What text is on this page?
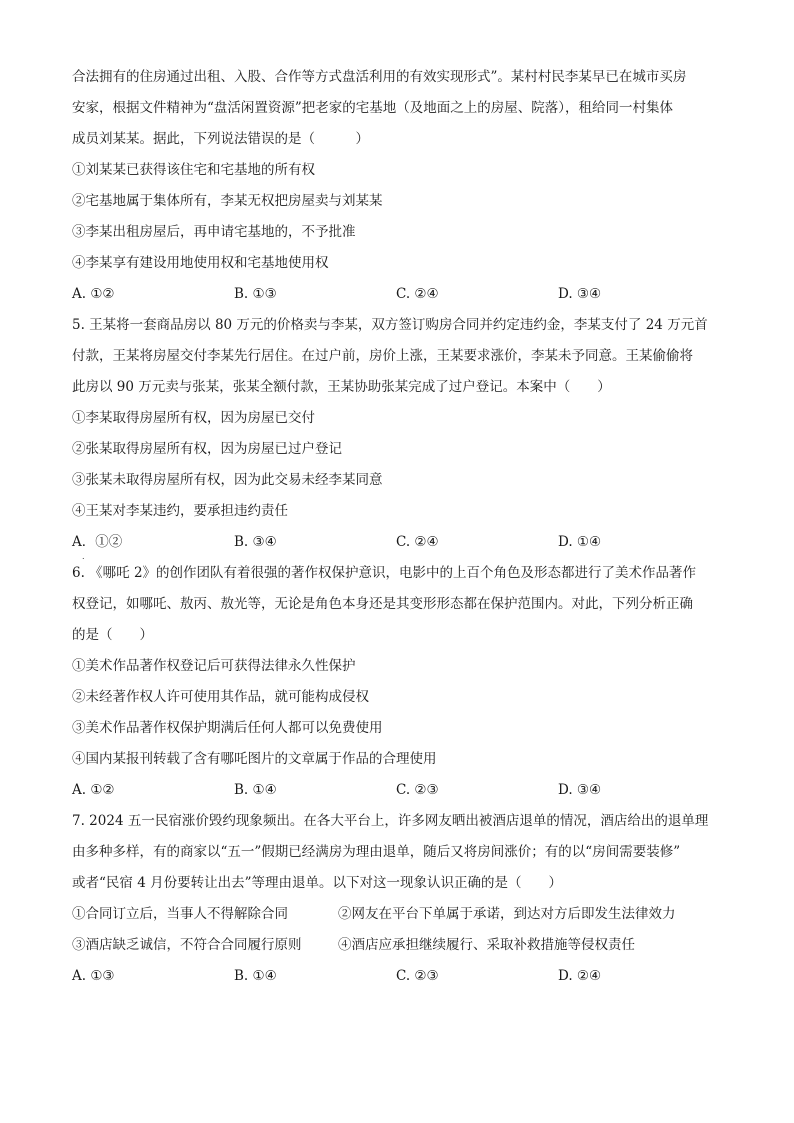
合法拥有的住房通过出租、入股、合作等方式盘活利用的有效实现形式”。某村村民李某早已在城市买房
安家，根据文件精神为“盘活闲置资源”把老家的宅基地（及地面之上的房屋、院落），租给同一村集体
成员刘某某。据此，下列说法错误的是（　　　）
①刘某某已获得该住宅和宅基地的所有权
②宅基地属于集体所有，李某无权把房屋卖与刘某某
③李某出租房屋后，再申请宅基地的，不予批准
④李某享有建设用地使用权和宅基地使用权
A. ①②	B. ①③	C. ②④	D. ③④
5. 王某将一套商品房以 80 万元的价格卖与李某，双方签订购房合同并约定违约金，李某支付了 24 万元首
付款，王某将房屋交付李某先行居住。在过户前，房价上涨，王某要求涨价，李某未予同意。王某偷偷将
此房以 90 万元卖与张某，张某全额付款，王某协助张某完成了过户登记。本案中（　　）
①李某取得房屋所有权，因为房屋已交付
②张某取得房屋所有权，因为房屋已过户登记
③张某未取得房屋所有权，因为此交易未经李某同意
④王某对李某违约，要承担违约责任
A．①②	B. ③④	C. ②④	D. ①④
6. 《哪吒 2》的创作团队有着很强的著作权保护意识，电影中的上百个角色及形态都进行了美术作品著作
权登记，如哪吒、敖丙、敖光等，无论是角色本身还是其变形形态都在保护范围内。对此，下列分析正确
的是（　　）
①美术作品著作权登记后可获得法律永久性保护
②未经著作权人许可使用其作品，就可能构成侵权
③美术作品著作权保护期满后任何人都可以免费使用
④国内某报刊转载了含有哪吒图片的文章属于作品的合理使用
A. ①②	B. ①④	C. ②③	D. ③④
7. 2024 五一民宿涨价毁约现象频出。在各大平台上，许多网友晒出被酒店退单的情况，酒店给出的退单理
由多种多样，有的商家以“五一”假期已经满房为理由退单，随后又将房间涨价；有的以“房间需要装修”
或者“民宿 4 月份要转让出去”等理由退单。以下对这一现象认识正确的是（　　）
①合同订立后，当事人不得解除合同	②网友在平台下单属于承诺，到达对方后即发生法律效力
③酒店缺乏诚信，不符合合同履行原则	④酒店应承担继续履行、采取补救措施等侵权责任
A. ①③	B. ①④	C. ②③	D. ②④
.
